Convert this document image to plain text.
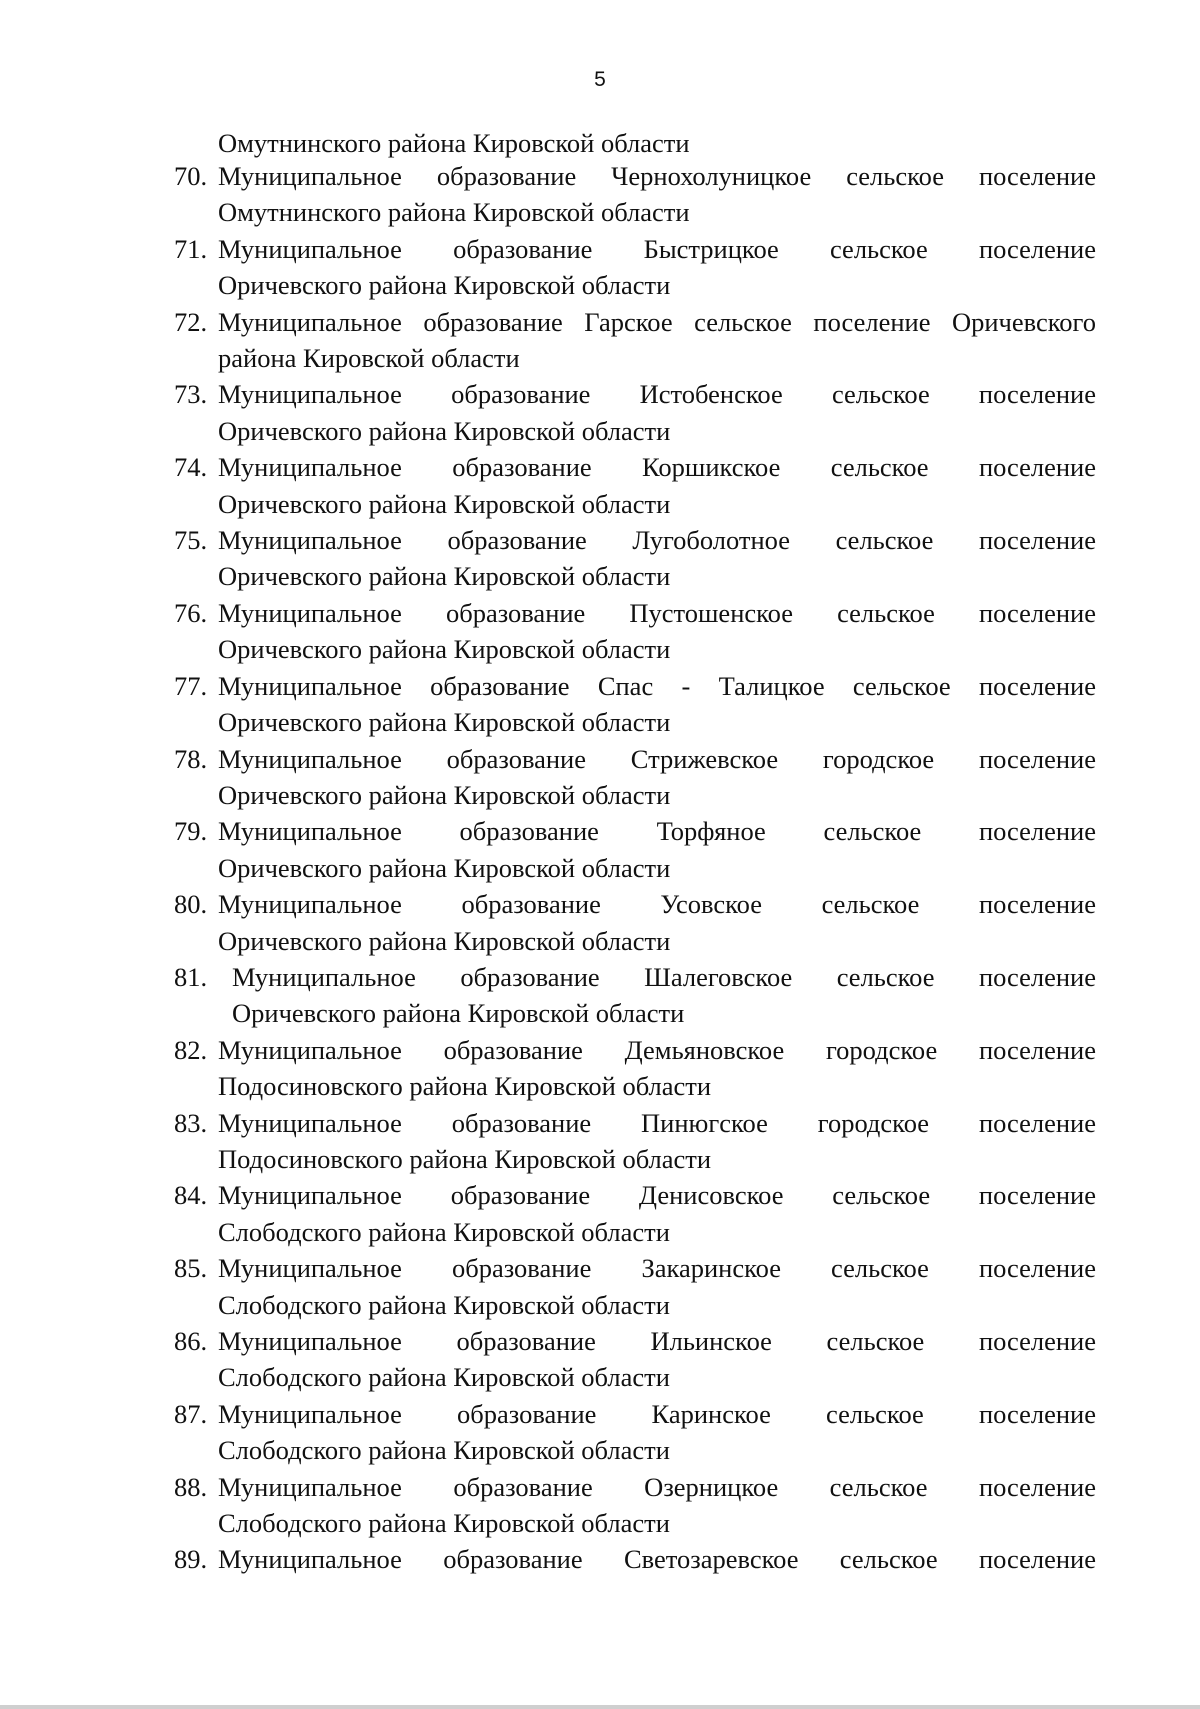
5
Омутнинского района Кировской области
70. Муниципальное образование Чернохолуницкое сельское поселение
Омутнинского района Кировской области
71. Муниципальное образование Быстрицкое сельское поселение
Оричевского района Кировской области
72. Муниципальное образование Гарское сельское поселение Оричевского
района Кировской области
73. Муниципальное образование Истобенское сельское поселение
Оричевского района Кировской области
74. Муниципальное образование Коршикское сельское поселение
Оричевского района Кировской области
75. Муниципальное образование Лугоболотное сельское поселение
Оричевского района Кировской области
76. Муниципальное образование Пустошенское сельское поселение
Оричевского района Кировской области
77. Муниципальное образование Спас - Талицкое сельское поселение
Оричевского района Кировской области
78. Муниципальное образование Стрижевское городское поселение
Оричевского района Кировской области
79. Муниципальное образование Торфяное сельское поселение
Оричевского района Кировской области
80. Муниципальное образование Усовское сельское поселение
Оричевского района Кировской области
81. Муниципальное образование Шалеговское сельское поселение
Оричевского района Кировской области
82. Муниципальное образование Демьяновское городское поселение
Подосиновского района Кировской области
83. Муниципальное образование Пинюгское городское поселение
Подосиновского района Кировской области
84. Муниципальное образование Денисовское сельское поселение
Слободского района Кировской области
85. Муниципальное образование Закаринское сельское поселение
Слободского района Кировской области
86. Муниципальное образование Ильинское сельское поселение
Слободского района Кировской области
87. Муниципальное образование Каринское сельское поселение
Слободского района Кировской области
88. Муниципальное образование Озерницкое сельское поселение
Слободского района Кировской области
89. Муниципальное образование Светозаревское сельское поселение
